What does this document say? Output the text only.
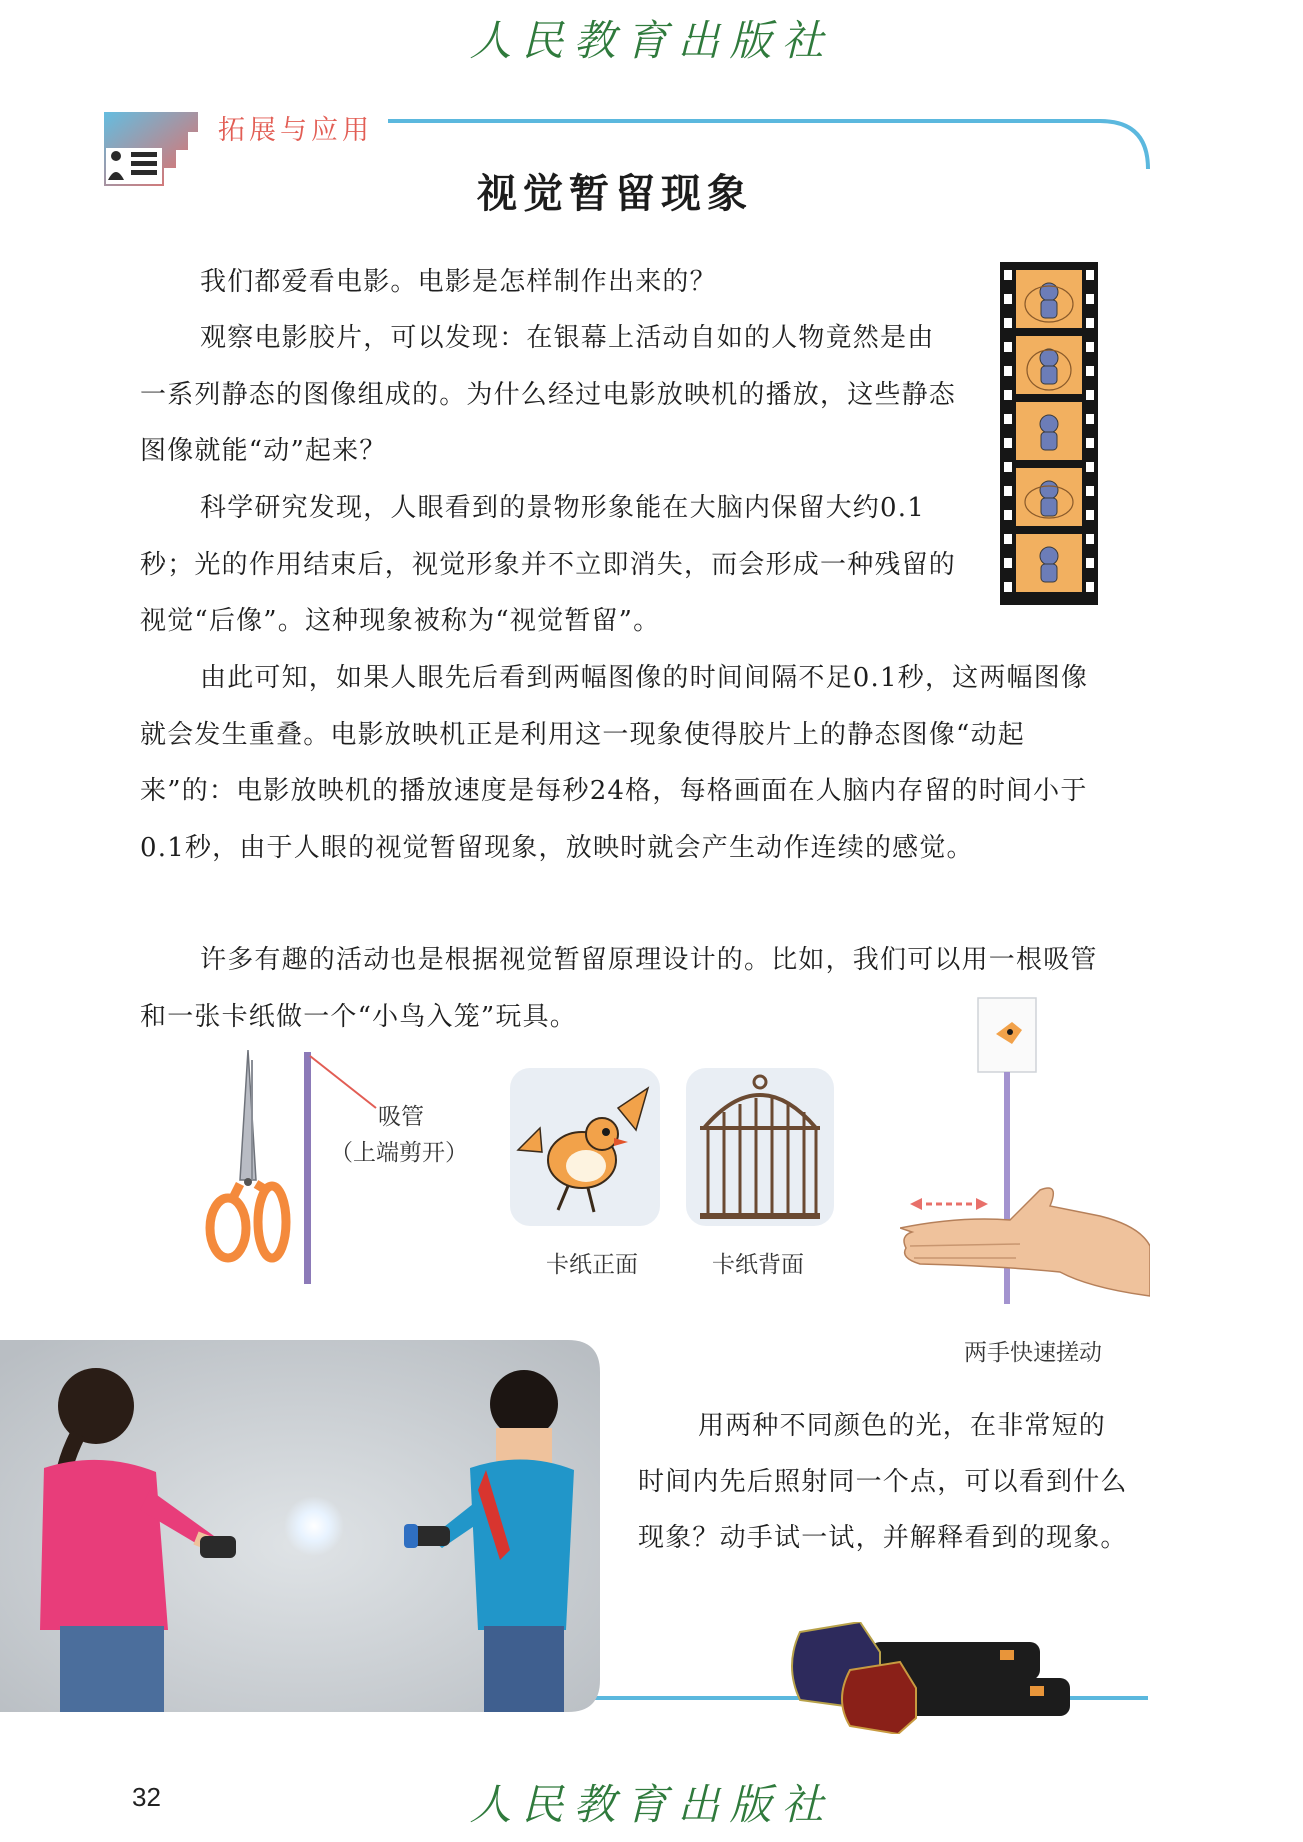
人民教育出版社
拓展与应用
视觉暂留现象
我们都爱看电影。电影是怎样制作出来的？
观察电影胶片，可以发现：在银幕上活动自如的人物竟然是由一系列静态的图像组成的。为什么经过电影放映机的播放，这些静态图像就能“动”起来？
科学研究发现，人眼看到的景物形象能在大脑内保留大约0.1秒；光的作用结束后，视觉形象并不立即消失，而会形成一种残留的视觉“后像”。这种现象被称为“视觉暂留”。
由此可知，如果人眼先后看到两幅图像的时间间隔不足0.1秒，这两幅图像就会发生重叠。电影放映机正是利用这一现象使得胶片上的静态图像“动起来”的：电影放映机的播放速度是每秒24格，每格画面在人脑内存留的时间小于0.1秒，由于人眼的视觉暂留现象，放映时就会产生动作连续的感觉。
许多有趣的活动也是根据视觉暂留原理设计的。比如，我们可以用一根吸管和一张卡纸做一个“小鸟入笼”玩具。
吸管
（上端剪开）
卡纸正面	卡纸背面
两手快速搓动
用两种不同颜色的光，在非常短的时间内先后照射同一个点，可以看到什么现象？动手试一试，并解释看到的现象。
32	人民教育出版社
